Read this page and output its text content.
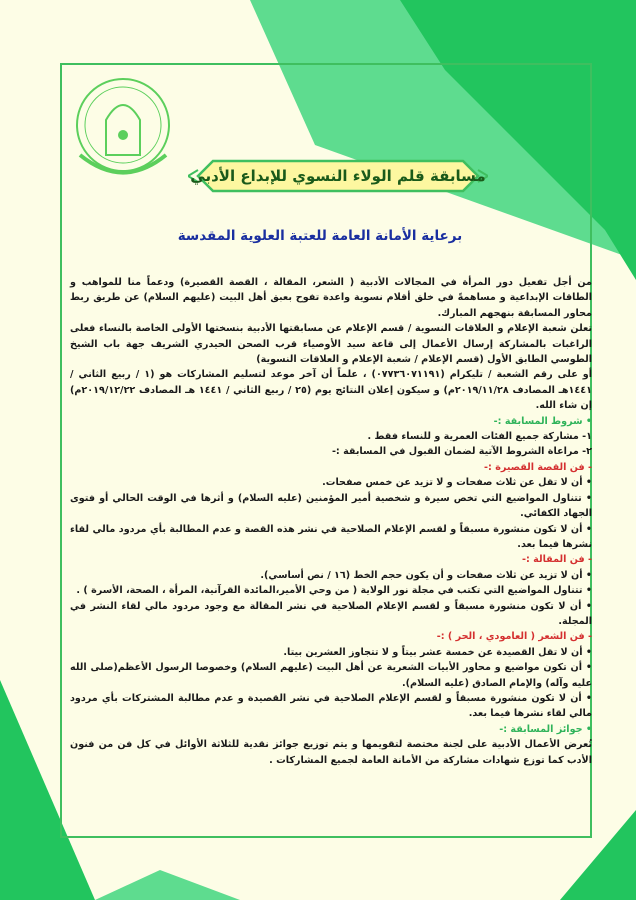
مسابقة قلم الولاء النسوي للإبداع الأدبي
برعاية الأمانة العامة للعتبة العلوية المقدسة

من أجل تفعيل دور المرأة في المجالات الأدبية ( الشعر، المقالة ، القصة القصيرة) ودعماً منا للمواهب و الطاقات الإبداعية و مساهمةً في خلق أقلام نسوية واعدة تفوح بعبق أهل البيت (عليهم السلام) عن طريق ربط محاور المسابقة بنهجهم المبارك.

تعلن شعبة الإعلام و العلاقات النسوية / قسم الإعلام عن مسابقتها الأدبية بنسختها الأولى الخاصة بالنساء فعلى الراغبات بالمشاركة إرسال الأعمال إلى قاعة سيد الأوصياء قرب الصحن الحيدري الشريف جهة باب الشيخ الطوسي الطابق الأول (قسم الإعلام / شعبة الإعلام و العلاقات النسوية)

أو على رقم الشعبة / تليكرام (٠٧٧٣٦٠٧١١٩١) ، علماً أن آخر موعد لتسليم المشاركات هو (١ / ربيع الثاني / ١٤٤١هـ المصادف ٢٠١٩/١١/٢٨م) و سيكون إعلان النتائج يوم (٢٥ / ربيع الثاني / ١٤٤١ هـ المصادف ٢٠١٩/١٢/٢٢م) إن شاء الله.

• شروط المسابقة :-

١- مشاركة جميع الفئات العمرية و للنساء فقط .

٢- مراعاة الشروط الآتية لضمان القبول في المسابقة :-

- فن القصة القصيرة :-

• أن لا تقل عن ثلاث صفحات و لا تزيد عن خمس صفحات.

• تتناول المواضيع التي تخص سيرة و شخصية أمير المؤمنين (عليه السلام) و أثرها في الوقت الحالي أو فتوى الجهاد الكفائي.

• أن لا تكون منشورة مسبقاً و لقسم الإعلام الصلاحية في نشر هذه القصة و عدم المطالبة بأي مردود مالي لقاء نشرها فيما بعد.

- فن المقالة :-

• أن لا تزيد عن ثلاث صفحات و أن يكون حجم الخط (١٦ / نص أساسي).

• تتناول المواضيع التي تكتب في مجلة نور الولاية ( من وحي الأمير،المائدة القرآنية، المرأة ، الصحة، الأسرة ) .

• أن لا تكون منشورة مسبقاً و لقسم الإعلام الصلاحية في نشر المقالة مع وجود مردود مالي لقاء النشر في المجلة.

- فن الشعر ( العامودي ، الحر ) :-

• أن لا تقل القصيدة عن خمسة عشر بيتاً و لا تتجاوز العشرين بيتا.

• أن تكون مواضيع و محاور الأبيات الشعرية عن أهل البيت (عليهم السلام) وخصوصا الرسول الأعظم(صلى الله عليه وآله) والإمام الصادق (عليه السلام).

• أن لا تكون منشورة مسبقاً و لقسم الإعلام الصلاحية في نشر القصيدة و عدم مطالبة المشتركات بأي مردود مالي لقاء نشرها فيما بعد.

• جوائز المسابقة :-

تُعرض الأعمال الأدبية على لجنة مختصة لتقويمها و يتم توزيع جوائز نقدية للثلاثة الأوائل في كل فن من فنون الأدب كما توزع شهادات مشاركة من الأمانة العامة لجميع المشاركات .
